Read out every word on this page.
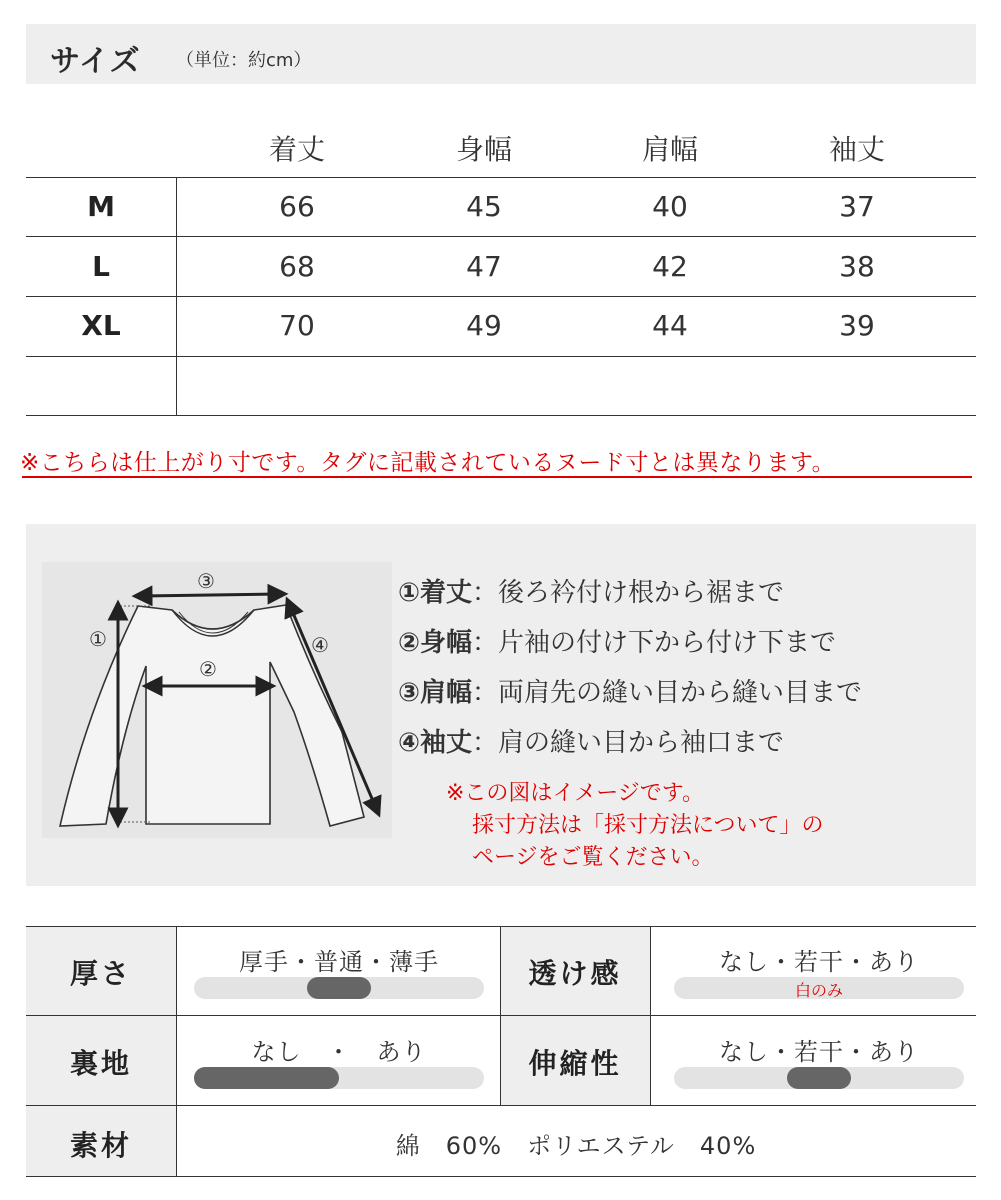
サイズ （単位：約cm）
着丈	身幅	肩幅	袖丈
M	66	45	40	37
L	68	47	42	38
XL	70	49	44	39
※こちらは仕上がり寸です。タグに記載されているヌード寸とは異なります。
①
②
③
④
①着丈：後ろ衿付け根から裾まで
②身幅：片袖の付け下から付け下まで
③肩幅：両肩先の縫い目から縫い目まで
④袖丈：肩の縫い目から袖口まで
※この図はイメージです。
採寸方法は「採寸方法について」の
ページをご覧ください。
厚さ	厚手・普通・薄手	透け感	なし・若干・あり
白のみ
裏地	なし　・　あり	伸縮性	なし・若干・あり
素材	綿　60%　ポリエステル　40%
